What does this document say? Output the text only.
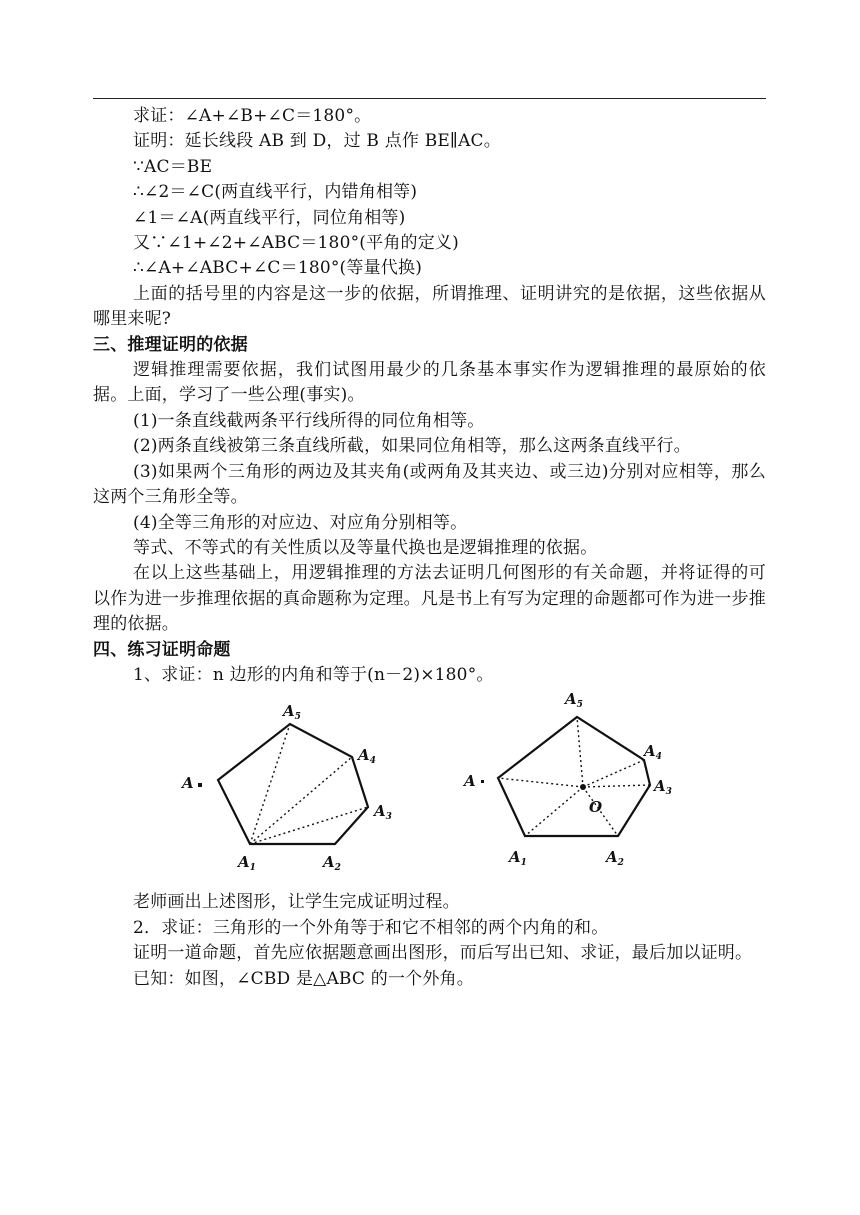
求证：∠A+∠B+∠C＝180°。

证明：延长线段 AB 到 D，过 B 点作 BE∥AC。

∵AC＝BE

∴∠2＝∠C(两直线平行，内错角相等)

∠1＝∠A(两直线平行，同位角相等)

又∵∠1+∠2+∠ABC＝180°(平角的定义)

∴∠A+∠ABC+∠C＝180°(等量代换)

上面的括号里的内容是这一步的依据，所谓推理、证明讲究的是依据，这些依据从哪里来呢?

三、推理证明的依据

逻辑推理需要依据，我们试图用最少的几条基本事实作为逻辑推理的最原始的依据。上面，学习了一些公理(事实)。

(1)一条直线截两条平行线所得的同位角相等。

(2)两条直线被第三条直线所截，如果同位角相等，那么这两条直线平行。

(3)如果两个三角形的两边及其夹角(或两角及其夹边、或三边)分别对应相等，那么这两个三角形全等。

(4)全等三角形的对应边、对应角分别相等。

等式、不等式的有关性质以及等量代换也是逻辑推理的依据。

在以上这些基础上，用逻辑推理的方法去证明几何图形的有关命题，并将证得的可以作为进一步推理依据的真命题称为定理。凡是书上有写为定理的命题都可作为进一步推理的依据。

四、练习证明命题

1、求证：n 边形的内角和等于(n－2)×180°。

$A_5$
$A_4$
$A_3$
A
$A_1$	$A_2$
O
$A_5$
$A_4$
$A_3$
A
$A_1$	$A_2$

老师画出上述图形，让学生完成证明过程。

2．求证：三角形的一个外角等于和它不相邻的两个内角的和。

证明一道命题，首先应依据题意画出图形，而后写出已知、求证，最后加以证明。

已知：如图，∠CBD 是△ABC 的一个外角。
